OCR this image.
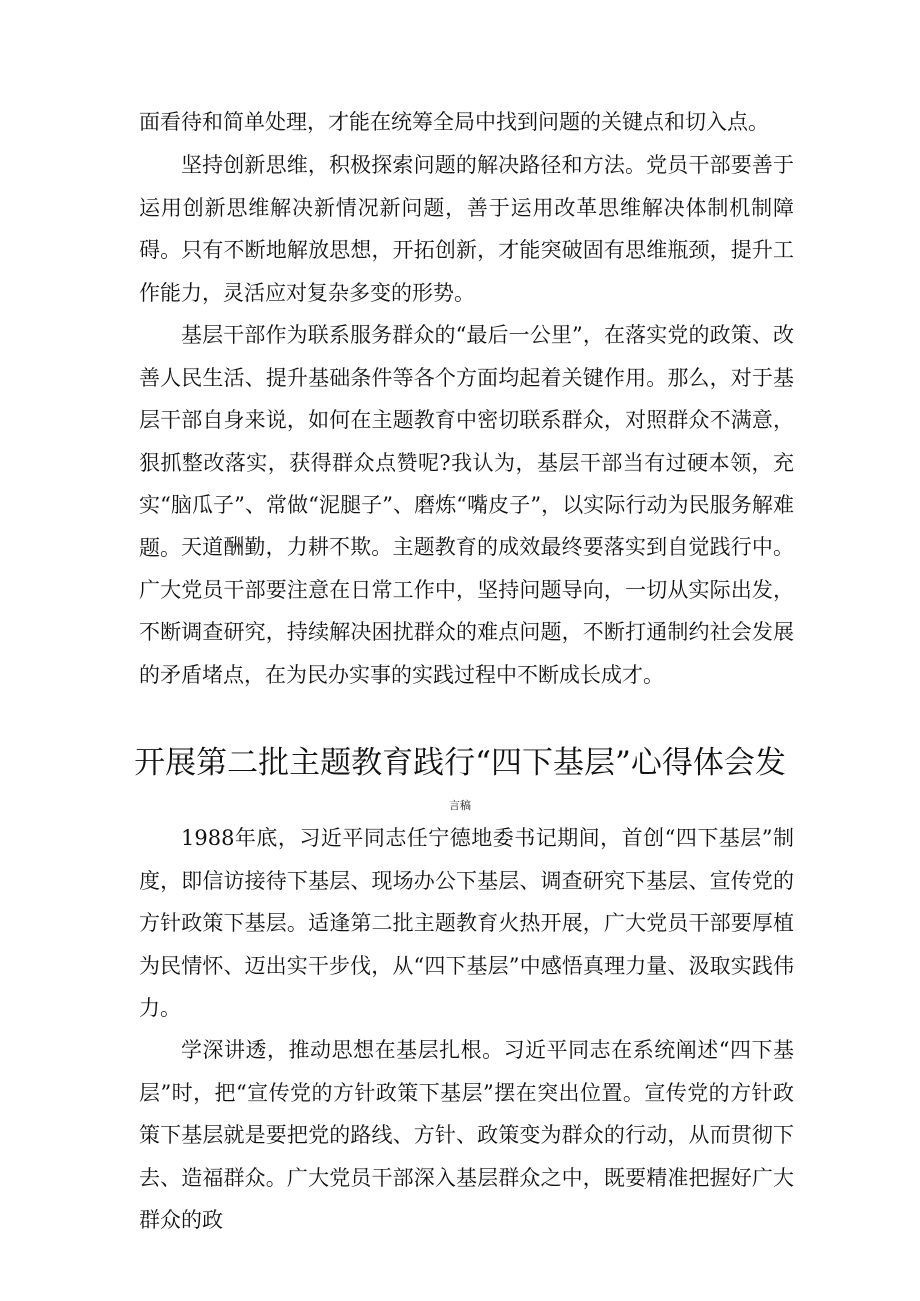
面看待和简单处理，才能在统筹全局中找到问题的关键点和切入点。

坚持创新思维，积极探索问题的解决路径和方法。党员干部要善于运用创新思维解决新情况新问题，善于运用改革思维解决体制机制障碍。只有不断地解放思想，开拓创新，才能突破固有思维瓶颈，提升工作能力，灵活应对复杂多变的形势。

基层干部作为联系服务群众的“最后一公里”，在落实党的政策、改善人民生活、提升基础条件等各个方面均起着关键作用。那么，对于基层干部自身来说，如何在主题教育中密切联系群众，对照群众不满意，狠抓整改落实，获得群众点赞呢?我认为，基层干部当有过硬本领，充实“脑瓜子”、常做“泥腿子”、磨炼“嘴皮子”，以实际行动为民服务解难题。 天道酬勤，力耕不欺。主题教育的成效最终要落实到自觉践行中。广大党员干部要注意在日常工作中，坚持问题导向，一切从实际出发，不断调查研究，持续解决困扰群众的难点问题，不断打通制约社会发展的矛盾堵点，在为民办实事的实践过程中不断成长成才。

开展第二批主题教育践行“四下基层”心得体会发
言稿

1988年底，习近平同志任宁德地委书记期间，首创“四下基层”制度，即信访接待下基层、现场办公下基层、调查研究下基层、宣传党的方针政策下基层。适逢第二批主题教育火热开展，广大党员干部要厚植为民情怀、迈出实干步伐，从“四下基层”中感悟真理力量、汲取实践伟力。

学深讲透，推动思想在基层扎根。习近平同志在系统阐述“四下基层”时，把“宣传党的方针政策下基层”摆在突出位置。宣传党的方针政策下基层就是要把党的路线、方针、政策变为群众的行动，从而贯彻下去、造福群众。广大党员干部深入基层群众之中，既要精准把握好广大群众的政
